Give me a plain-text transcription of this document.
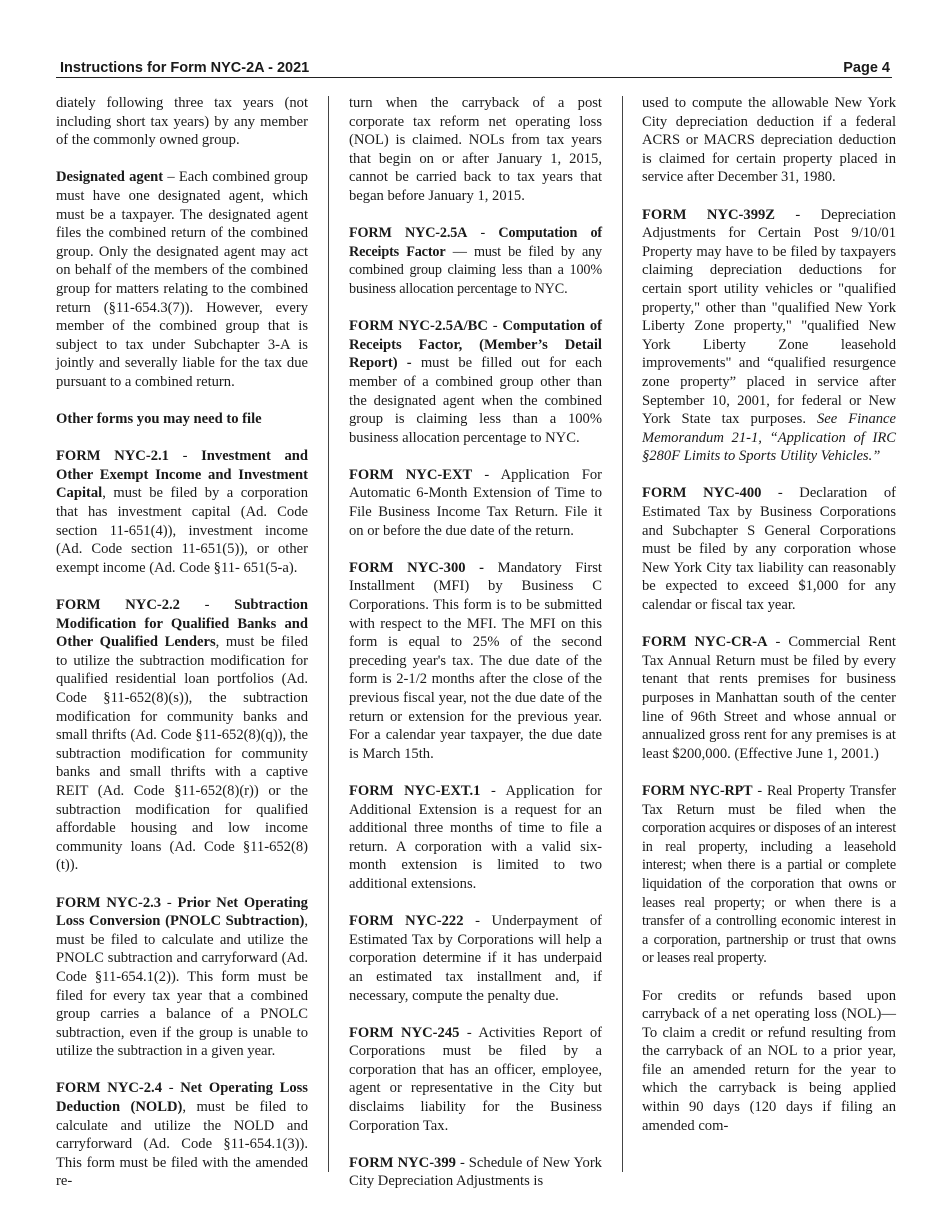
Instructions for Form NYC-2A - 2021	Page 4

diately following three tax years (not including short tax years) by any member of the commonly owned group.

Designated agent – Each combined group must have one designated agent, which must be a taxpayer. The designated agent files the combined return of the combined group. Only the designated agent may act on behalf of the members of the combined group for matters relating to the combined return (§11-654.3(7)). However, every member of the combined group that is subject to tax under Subchapter 3-A is jointly and severally liable for the tax due pursuant to a combined return.

Other forms you may need to file

FORM NYC-2.1 - Investment and Other Exempt Income and Investment Capital, must be filed by a corporation that has investment capital (Ad. Code section 11-651(4)), investment income (Ad. Code section 11-651(5)), or other exempt income (Ad. Code §11- 651(5-a).

FORM NYC-2.2 - Subtraction Modification for Qualified Banks and Other Qualified Lenders, must be filed to utilize the subtraction modification for qualified residential loan portfolios (Ad. Code §11-652(8)(s)), the subtraction modification for community banks and small thrifts (Ad. Code §11-652(8)(q)), the subtraction modification for community banks and small thrifts with a captive REIT (Ad. Code §11-652(8)(r)) or the subtraction modification for qualified affordable housing and low income community loans (Ad. Code §11-652(8)(t)).

FORM NYC-2.3 - Prior Net Operating Loss Conversion (PNOLC Subtraction), must be filed to calculate and utilize the PNOLC subtraction and carryforward (Ad. Code §11-654.1(2)). This form must be filed for every tax year that a combined group carries a balance of a PNOLC subtraction, even if the group is unable to utilize the subtraction in a given year.

FORM NYC-2.4 - Net Operating Loss Deduction (NOLD), must be filed to calculate and utilize the NOLD and carryforward (Ad. Code §11-654.1(3)). This form must be filed with the amended re-

turn when the carryback of a post corporate tax reform net operating loss (NOL) is claimed. NOLs from tax years that begin on or after January 1, 2015, cannot be carried back to tax years that began before January 1, 2015.

FORM NYC-2.5A - Computation of Receipts Factor — must be filed by any combined group claiming less than a 100% business allocation percentage to NYC.

FORM NYC-2.5A/BC - Computation of Receipts Factor, (Member’s Detail Report) - must be filled out for each member of a combined group other than the designated agent when the combined group is claiming less than a 100% business allocation percentage to NYC.

FORM NYC-EXT - Application For Automatic 6-Month Extension of Time to File Business Income Tax Return. File it on or before the due date of the return.

FORM NYC-300 - Mandatory First Installment (MFI) by Business C Corporations. This form is to be submitted with respect to the MFI. The MFI on this form is equal to 25% of the second preceding year's tax. The due date of the form is 2-1/2 months after the close of the previous fiscal year, not the due date of the return or extension for the previous year. For a calendar year taxpayer, the due date is March 15th.

FORM NYC-EXT.1 - Application for Additional Extension is a request for an additional three months of time to file a return. A corporation with a valid six-month extension is limited to two additional extensions.

FORM NYC-222 - Underpayment of Estimated Tax by Corporations will help a corporation determine if it has underpaid an estimated tax installment and, if necessary, compute the penalty due.

FORM NYC-245 - Activities Report of Corporations must be filed by a corporation that has an officer, employee, agent or representative in the City but disclaims liability for the Business Corporation Tax.

FORM NYC-399 - Schedule of New York City Depreciation Adjustments is

used to compute the allowable New York City depreciation deduction if a federal ACRS or MACRS depreciation deduction is claimed for certain property placed in service after December 31, 1980.

FORM NYC-399Z - Depreciation Adjustments for Certain Post 9/10/01 Property may have to be filed by taxpayers claiming depreciation deductions for certain sport utility vehicles or "qualified property," other than "qualified New York Liberty Zone property," "qualified New York Liberty Zone leasehold improvements" and “qualified resurgence zone property” placed in service after September 10, 2001, for federal or New York State tax purposes. See Finance Memorandum 21-1, “Application of IRC §280F Limits to Sports Utility Vehicles.”

FORM NYC-400 - Declaration of Estimated Tax by Business Corporations and Subchapter S General Corporations must be filed by any corporation whose New York City tax liability can reasonably be expected to exceed $1,000 for any calendar or fiscal tax year.

FORM NYC-CR-A - Commercial Rent Tax Annual Return must be filed by every tenant that rents premises for business purposes in Manhattan south of the center line of 96th Street and whose annual or annualized gross rent for any premises is at least $200,000. (Effective June 1, 2001.)

FORM NYC-RPT - Real Property Transfer Tax Return must be filed when the corporation acquires or disposes of an interest in real property, including a leasehold interest; when there is a partial or complete liquidation of the corporation that owns or leases real property; or when there is a transfer of a controlling economic interest in a corporation, partnership or trust that owns or leases real property.

For credits or refunds based upon carryback of a net operating loss (NOL)— To claim a credit or refund resulting from the carryback of an NOL to a prior year, file an amended return for the year to which the carryback is being applied within 90 days (120 days if filing an amended com-
